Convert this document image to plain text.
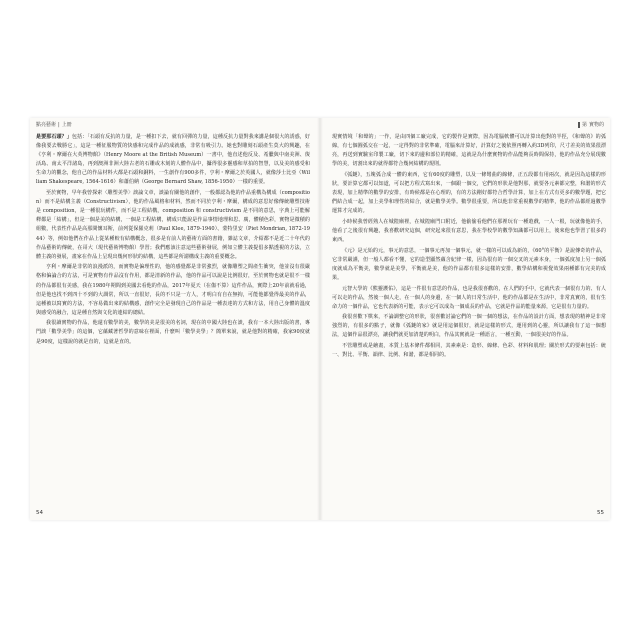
點亮藝術 | 上冊

是要那石頭？」包括：「石頭有反抗的力量，是一種扣下去，就有回彈的力量，這種反抗力量對我來講是個很大的誘惑，好像我要去戰勝它」，這是一種征服物質的快感和完成作品的成就感，非常有吸引力。她也對雕刻石頭產生莫大的興趣，在《亨利・摩爾在大英博物館》（Henry Moore at the British Museum）一書中，他直述他反及、希臘與中南美洲、復活島、南太平洋諸島，再到澳洲非洲大陸古老的石雕或木刻的人體作品中，攝得很多靈感和草拍的智慧，以及美的感受和生命力的觀念，他自己的作品材料大都是石頭和銅料，一生創作有900多件，亨利・摩爾之於英國人，就像莎士比亞（William Shakespeare, 1564-1616）和蕭伯納（George Bernard Shaw, 1856-1950）一樣的重要。

至於實物，早年我曾探索〈雕塑美學〉談論文章，談論有關他的創作，一般都認為他的作品重構為構成（composition）而不是結構主義（Constructivism），他的作品風格和材料，然而不同於亨利・摩爾，構成的意思好像傳統雕塑技術是 composition，是一種很玩構件，而不是工程結構，composition 和 constructivism 是不同的意思，字典上可能解釋都是「結構」，但是一個是美的結構，一個是工程結構，構成只能說是作品事情地理和思、廣，體積色彩，實物是微積的組數，代表性作品是高那間懷耳斯，前列從保羅克莉（Paul Klee, 1879-1940）、蒙特里安（Piet Mondrian, 1872-1944）等，例如他們在作品上從某種較有結構概念，很多是有前人的藝術方面的書籍，雜誌文章，介紹都不是近二十年代的作品藝術的傳統，在哥大（現代藝術博物館）學習；我們應該注意這些藝術發展，例如立體主義提倡多點透視的方法，立體主義的發展，畫家在作品上呈現出幾何形狀的結構，這些都是所謂構成主義的重要概念。

亨利・摩爾是非常的浪漫派的，而實物是偏理性的，他的感覺都是非常強烈，就像雕塑之間產生衝突，他並沒有很嚴格和偏論合的方法，可是實物有作品沒有作用，都是清新的作品，他的作品可以說是比例很好，至於實物也就是很不一樣的作品都很有美感，我在1980年期間到美國去看他的作品，2017年夏天（在傷不算）這件作品，實際上20年前就看過，但是他也找不到四十不到的大調常，所以一直很好，長的不只是一方人，才明白有自在無拘，可能他都覺得最美的作品，這種被以寫實的方法，不容易做出來的結構感，創作完全是發現自己的作品是一種表達的方式和方法，用自己身體的溫度與感受的融合，這是種自然與文化的連結的總結。

我很讀實物的作品，他還有數學的美，數學的美是很美的名詞，現在的中國大陸也在談，我有一本大陸出版的書，專門談「數學美學」的這個，它蘊藏著哲學的意味在裡面，什麼叫「數學美學」？簡單來說，就是他對的精確，我家90度就是90度，這樣說的就是直的，這就是直的。

54
第 實物的

現實情境「和聲的」一作，是由四個工廠完成，它的製作是實際，因為電腦軟體可以計算出他對的半徑，《和聲的》的弧線，有七個圓弧交在一起，一定得對的非常準確，電腦來計算好，計算好之後依照再轉入約3D列印，尺寸差美的效果很漂亮，再送到實驗室印製工廠，切下來的邊和部位的精確，這就是為什麼實物的作品能夠長時間保持，他的作品充分展現數學的美，切割出來的就得都符合幾何結構的規則。

《弧鏈》，五塊弧合成一體的東西，它有60度的雕塑，以及一條彎曲的線條，正五段都有用兩次，就是因為這樣的形狀，要計算它都可以知道，可以把方程式寫出來，一個跟一個交，它們的形狀是他對那，就要各元素都完整，和諧的形式表現，加上精準的數學的安排，有時候都是在心理的，有的方法剛好都符合哲學計算，加上在方式有更多的數學題，把它們結合成一起，加上美學和理性的結合，就是數學美學。數學很重要，所以他非常重視數學的精準，他的作品都經過數學運算才完成的。

小時候我曾經熟人在城隍廟裡，在城隍廟門口附近，他偷偷看他們在那裡玩有一種遊戲，一人一根，玩就像他的手，他看了之後很有興趣，我喜歡研究這個，研究起來很有意思，我在學校學的數學知識都可以用上，後來他也學習了很多的東西。

《元》是元始的元，事元的意思，一個事元再加一個事元，就一樣的可以成為新的，《60°的平衡》是說傳奇的作品，它非常嚴謹，但一般人都看不懂，它的造型顯然蘊含紀律一樣，因為很有的一個交叉的元素本身，一個弧度加上另一個弧度就成為平衡美，數學就是美學，平衡就是美，他的作品都有很多這樣的安排，數學結構和視覺效果兩種都有完美的成果。

元智大學的《熊靈護佑》，這是一件很有意思的作品，也是我很喜歡的，在人們的手中，它就代表一個很有力的、有人可以走的作品，然後一個人走，在一個人的身邊，在一個人的日常生活中，他的作品都是在生活中，非常真實的，很有生命力的一個作品，它也代表新的可能，表示它可以成為一個成長的作品，它就是作品的能量來源，它是很有力量的。

我很喜歡下棋來，不論調整它的形狀，很喜歡討論它們的一個一個的想法，在作品的設計方面，想表現的精神是非常強烈的，有很多的點子，就像《弧鏈的家》就是用這個很好，就是這樣的形式，運用到的心靈，所以讓我有了這一個想法，這個作品很漂亮，讓我們就更加清楚的明白，作品其實就是一種語言，一種互動，一個很美好的作品。

不管雕塑或是繪畫，本質上基本條件都相同，其素素是：造形、線條、色彩、材料和肌理；關於形式的要素包括：統一、對比、平衡、韻律、比例、和諧，都是相同的。

55
